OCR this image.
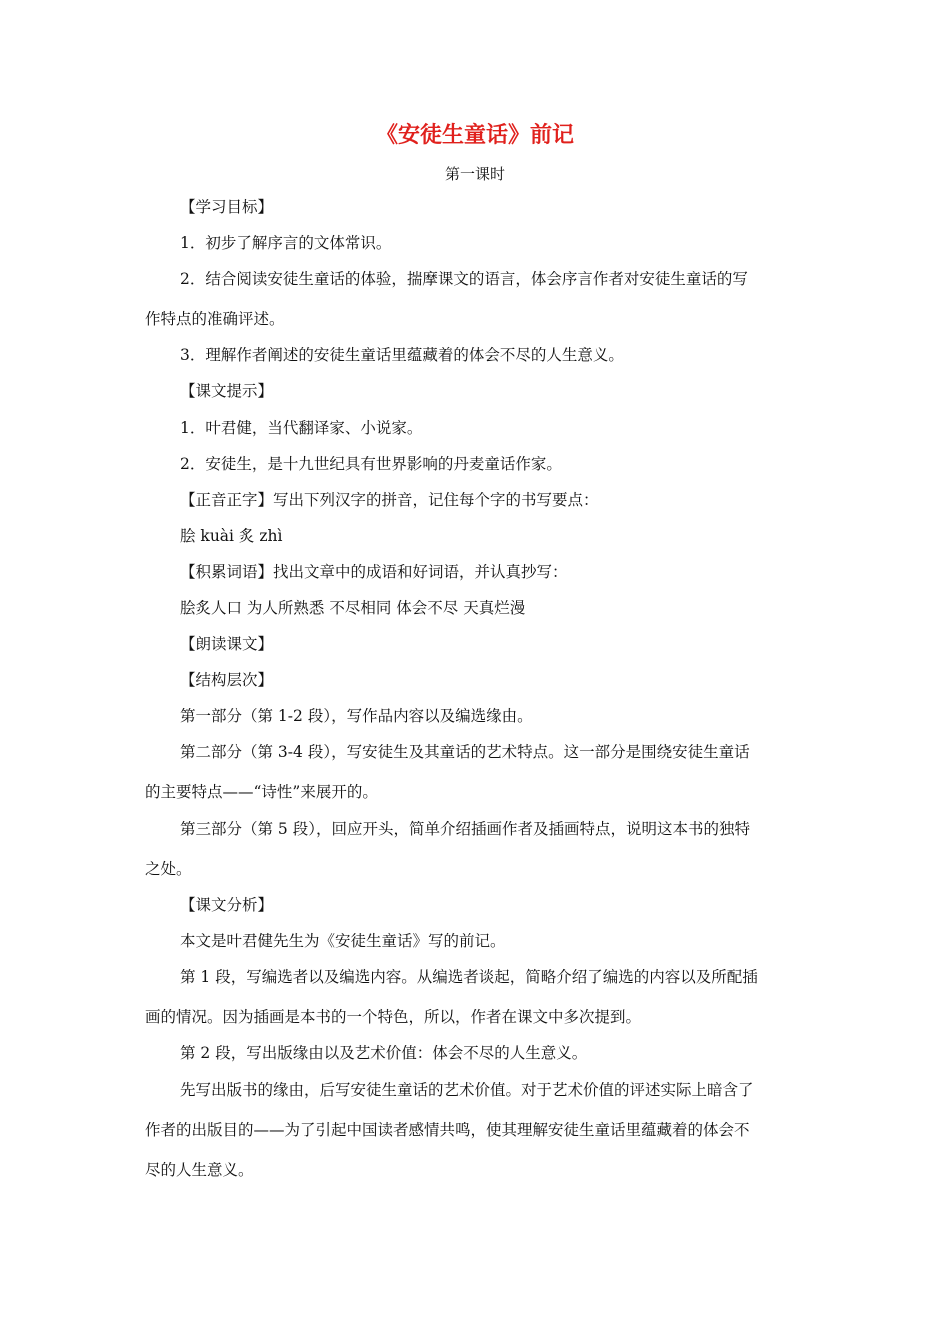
《安徒生童话》前记
第一课时
【学习目标】
1．初步了解序言的文体常识。
2．结合阅读安徒生童话的体验，揣摩课文的语言，体会序言作者对安徒生童话的写
作特点的准确评述。
3．理解作者阐述的安徒生童话里蕴藏着的体会不尽的人生意义。
【课文提示】
1．叶君健，当代翻译家、小说家。
2．安徒生，是十九世纪具有世界影响的丹麦童话作家。
【正音正字】写出下列汉字的拼音，记住每个字的书写要点：
脍 kuài 炙 zhì
【积累词语】找出文章中的成语和好词语，并认真抄写：
脍炙人口 为人所熟悉 不尽相同 体会不尽 天真烂漫
【朗读课文】
【结构层次】
第一部分（第 1-2 段），写作品内容以及编选缘由。
第二部分（第 3-4 段），写安徒生及其童话的艺术特点。这一部分是围绕安徒生童话
的主要特点——“诗性”来展开的。
第三部分（第 5 段），回应开头，简单介绍插画作者及插画特点，说明这本书的独特
之处。
【课文分析】
本文是叶君健先生为《安徒生童话》写的前记。
第 1 段，写编选者以及编选内容。从编选者谈起，简略介绍了编选的内容以及所配插
画的情况。因为插画是本书的一个特色，所以，作者在课文中多次提到。
第 2 段，写出版缘由以及艺术价值：体会不尽的人生意义。
先写出版书的缘由，后写安徒生童话的艺术价值。对于艺术价值的评述实际上暗含了
作者的出版目的——为了引起中国读者感情共鸣，使其理解安徒生童话里蕴藏着的体会不
尽的人生意义。
